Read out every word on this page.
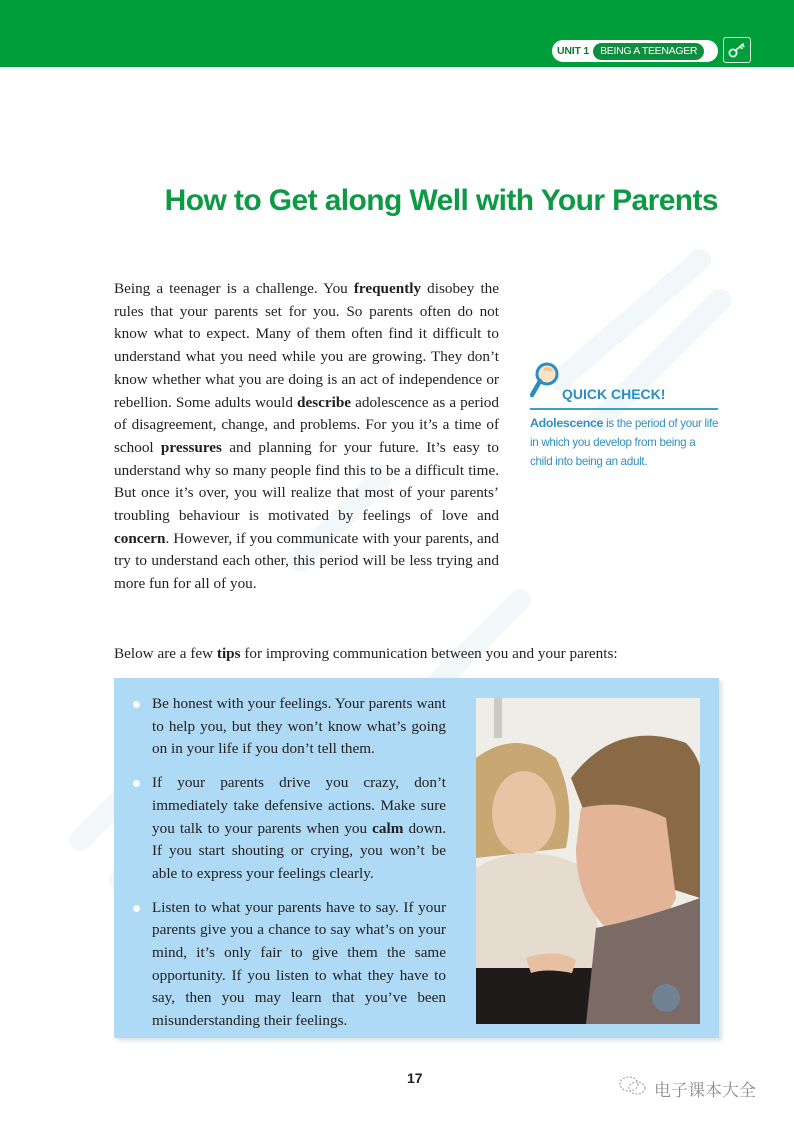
UNIT 1	BEING A TEENAGER
How to Get along Well with Your Parents

Being a teenager is a challenge. You frequently disobey the rules that your parents set for you. So parents often do not know what to expect. Many of them often find it difficult to understand what you need while you are growing. They don’t know whether what you are doing is an act of independence or rebellion. Some adults would describe adolescence as a period of disagreement, change, and problems. For you it’s a time of school pressures and planning for your future. It’s easy to understand why so many people find this to be a difficult time. But once it’s over, you will realize that most of your parents’ troubling behaviour is motivated by feelings of love and concern. However, if you communicate with your parents, and try to understand each other, this period will be less trying and more fun for all of you.

QUICK CHECK!
Adolescence is the period of your life in which you develop from being a child into being an adult.
Below are a few tips for improving communication between you and your parents:
Be honest with your feelings. Your parents want to help you, but they won’t know what’s going on in your life if you don’t tell them.
If your parents drive you crazy, don’t immediately take defensive actions. Make sure you talk to your parents when you calm down. If you start shouting or crying, you won’t be able to express your feelings clearly.
Listen to what your parents have to say. If your parents give you a chance to say what’s on your mind, it’s only fair to give them the same opportunity. If you listen to what they have to say, then you may learn that you’ve been misunderstanding their feelings.
17
电子课本大全
